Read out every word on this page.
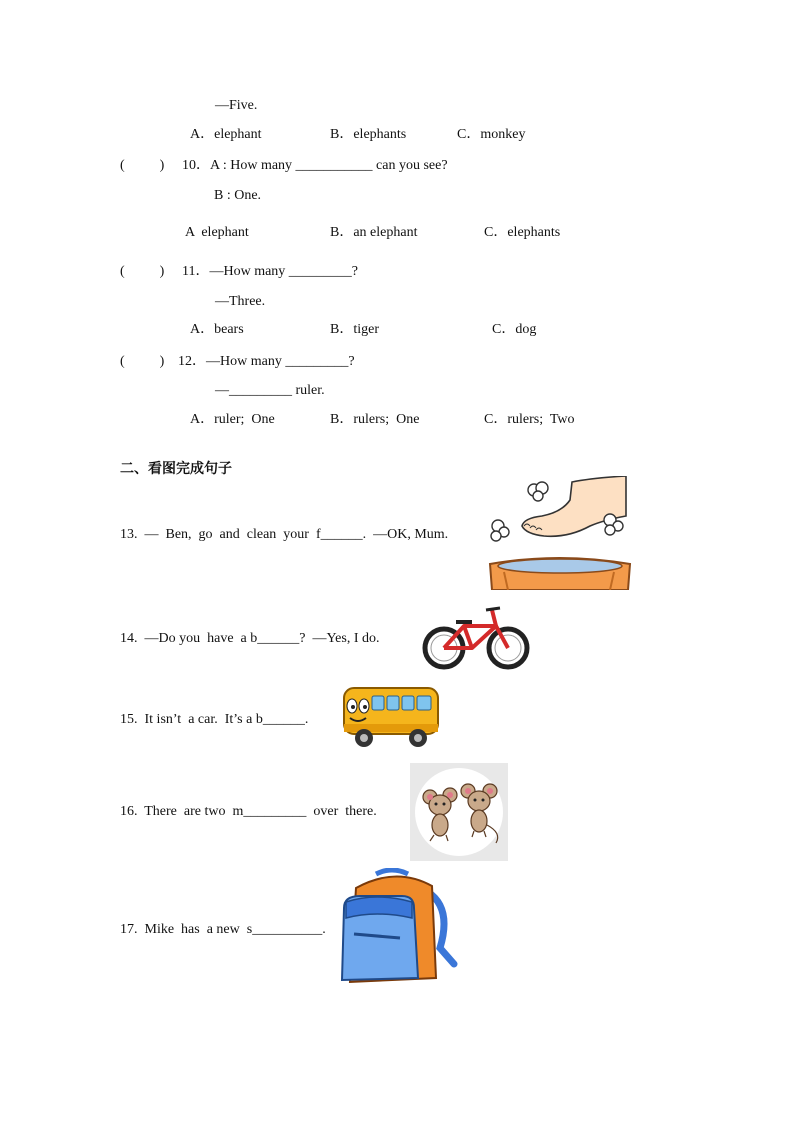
—Five.
A．elephant	B．elephants	C．monkey
(          ) 10．A : How many ___________ can you see?
B : One.
A  elephant	B．an elephant	C．elephants
(          ) 11．—How many _________?
—Three.
A．bears	B．tiger	C．dog
(          ) 12．—How many _________?
—_________ ruler.
A．ruler;  One	B．rulers;  One	C．rulers;  Two
二、看图完成句子
13.  —  Ben,  go  and  clean  your  f______.  —OK, Mum.
14.  —Do you  have  a b______?  —Yes, I do.
15.  It isn’t  a car.  It’s a b______.
16.  There  are two  m_________  over  there.
17.  Mike  has  a new  s__________.
